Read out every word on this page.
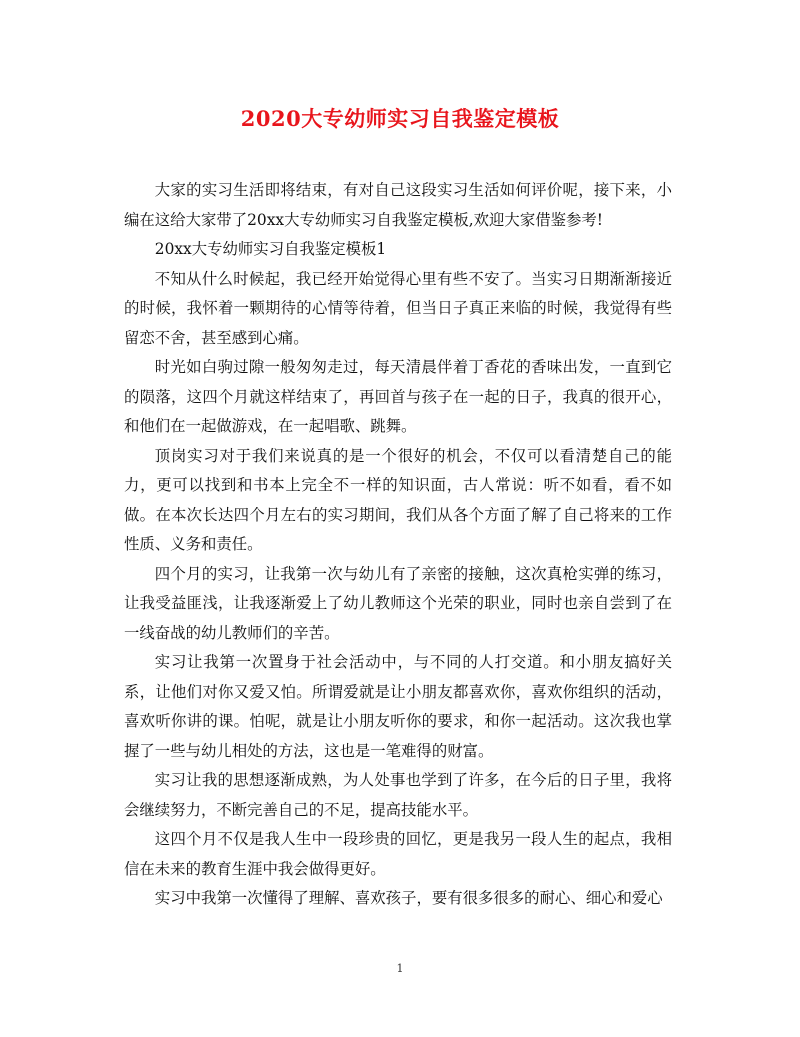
2020大专幼师实习自我鉴定模板

大家的实习生活即将结束，有对自己这段实习生活如何评价呢，接下来，小编在这给大家带了20xx大专幼师实习自我鉴定模板,欢迎大家借鉴参考!

20xx大专幼师实习自我鉴定模板1

不知从什么时候起，我已经开始觉得心里有些不安了。当实习日期渐渐接近的时候，我怀着一颗期待的心情等待着，但当日子真正来临的时候，我觉得有些留恋不舍，甚至感到心痛。

时光如白驹过隙一般匆匆走过，每天清晨伴着丁香花的香味出发，一直到它的陨落，这四个月就这样结束了，再回首与孩子在一起的日子，我真的很开心，和他们在一起做游戏，在一起唱歌、跳舞。

顶岗实习对于我们来说真的是一个很好的机会，不仅可以看清楚自己的能力，更可以找到和书本上完全不一样的知识面，古人常说：听不如看，看不如做。在本次长达四个月左右的实习期间，我们从各个方面了解了自己将来的工作性质、义务和责任。

四个月的实习，让我第一次与幼儿有了亲密的接触，这次真枪实弹的练习，让我受益匪浅，让我逐渐爱上了幼儿教师这个光荣的职业，同时也亲自尝到了在一线奋战的幼儿教师们的辛苦。

实习让我第一次置身于社会活动中，与不同的人打交道。和小朋友搞好关系，让他们对你又爱又怕。所谓爱就是让小朋友都喜欢你，喜欢你组织的活动，喜欢听你讲的课。怕呢，就是让小朋友听你的要求，和你一起活动。这次我也掌握了一些与幼儿相处的方法，这也是一笔难得的财富。

实习让我的思想逐渐成熟，为人处事也学到了许多，在今后的日子里，我将会继续努力，不断完善自己的不足，提高技能水平。

这四个月不仅是我人生中一段珍贵的回忆，更是我另一段人生的起点，我相信在未来的教育生涯中我会做得更好。

实习中我第一次懂得了理解、喜欢孩子，要有很多很多的耐心、细心和爱心

1
